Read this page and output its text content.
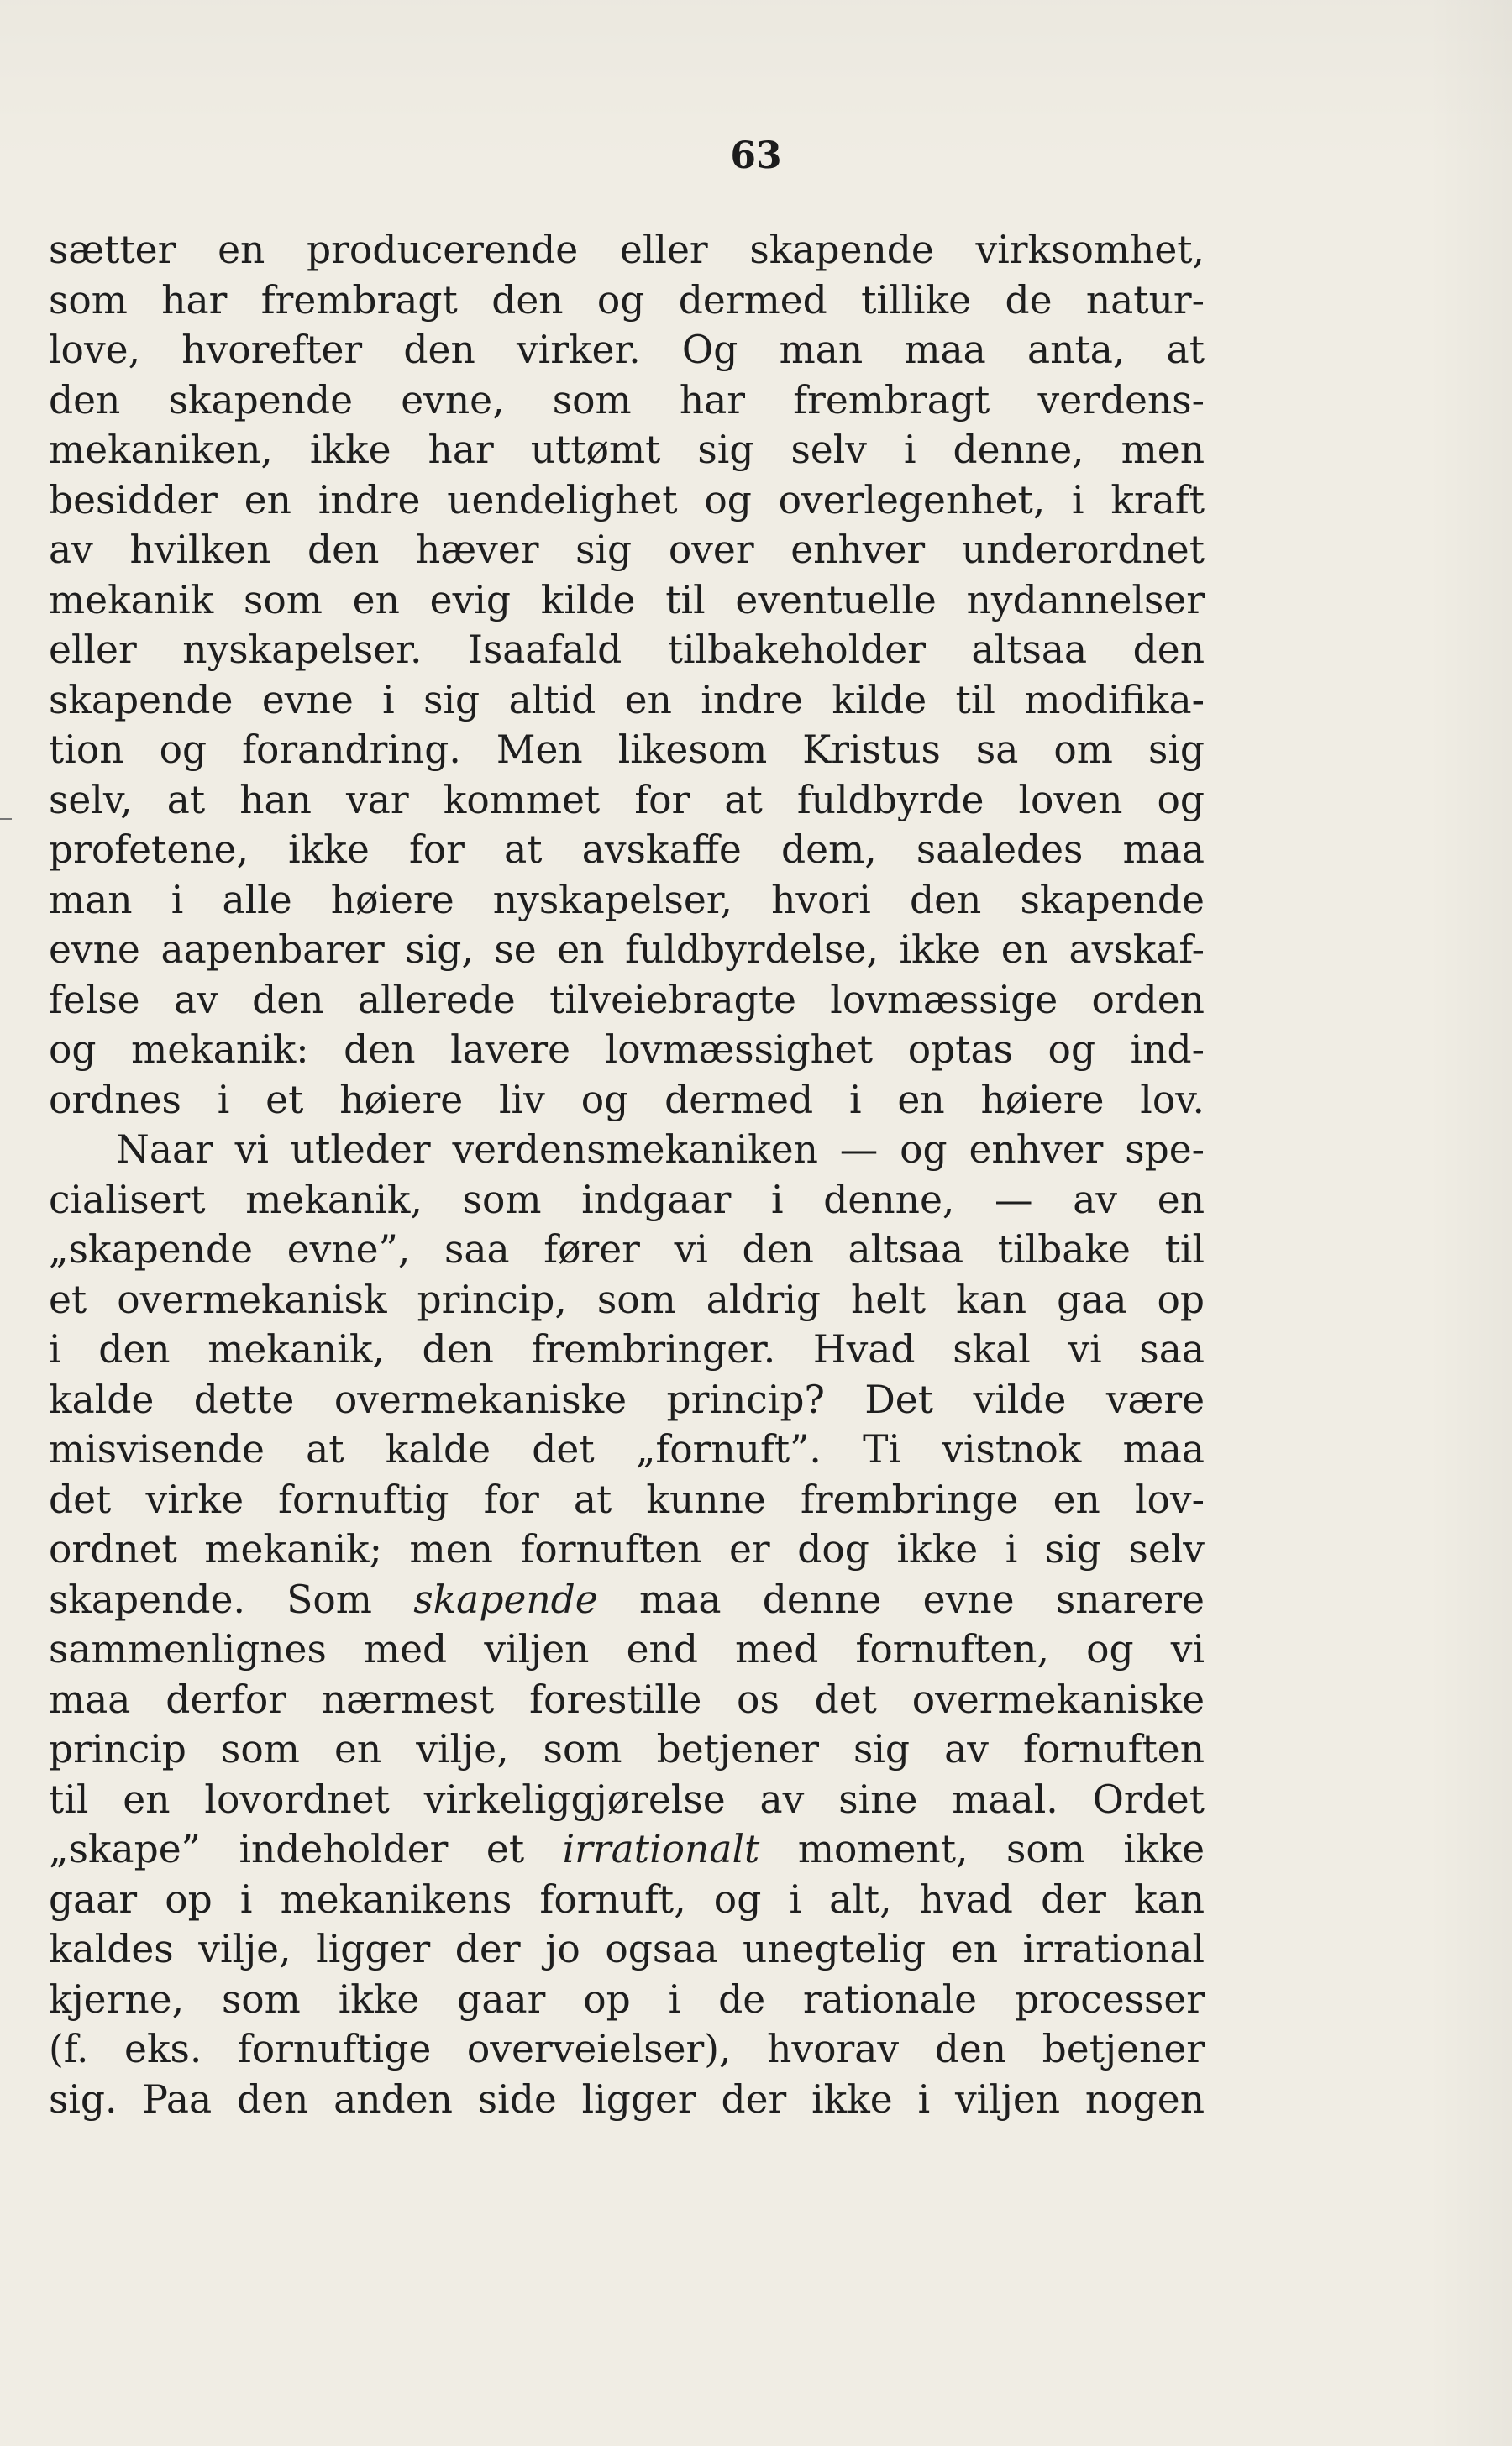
63
sætter en producerende eller skapende virksomhet,
som har frembragt den og dermed tillike de natur-
love, hvorefter den virker. Og man maa anta, at
den skapende evne, som har frembragt verdens-
mekaniken, ikke har uttømt sig selv i denne, men
besidder en indre uendelighet og overlegenhet, i kraft
av hvilken den hæver sig over enhver underordnet
mekanik som en evig kilde til eventuelle nydannelser
eller nyskapelser. Isaafald tilbakeholder altsaa den
skapende evne i sig altid en indre kilde til modifika-
tion og forandring. Men likesom Kristus sa om sig
selv, at han var kommet for at fuldbyrde loven og
profetene, ikke for at avskaffe dem, saaledes maa
man i alle høiere nyskapelser, hvori den skapende
evne aapenbarer sig, se en fuldbyrdelse, ikke en avskaf-
felse av den allerede tilveiebragte lovmæssige orden
og mekanik: den lavere lovmæssighet optas og ind-
ordnes i et høiere liv og dermed i en høiere lov.
Naar vi utleder verdensmekaniken — og enhver spe-
cialisert mekanik, som indgaar i denne, — av en
„skapende evne”, saa fører vi den altsaa tilbake til
et overmekanisk princip, som aldrig helt kan gaa op
i den mekanik, den frembringer. Hvad skal vi saa
kalde dette overmekaniske princip? Det vilde være
misvisende at kalde det „fornuft”. Ti vistnok maa
det virke fornuftig for at kunne frembringe en lov-
ordnet mekanik; men fornuften er dog ikke i sig selv
skapende. Som skapende maa denne evne snarere
sammenlignes med viljen end med fornuften, og vi
maa derfor nærmest forestille os det overmekaniske
princip som en vilje, som betjener sig av fornuften
til en lovordnet virkeliggjørelse av sine maal. Ordet
„skape” indeholder et irrationalt moment, som ikke
gaar op i mekanikens fornuft, og i alt, hvad der kan
kaldes vilje, ligger der jo ogsaa unegtelig en irrational
kjerne, som ikke gaar op i de rationale processer
(f. eks. fornuftige overveielser), hvorav den betjener
sig. Paa den anden side ligger der ikke i viljen nogen
